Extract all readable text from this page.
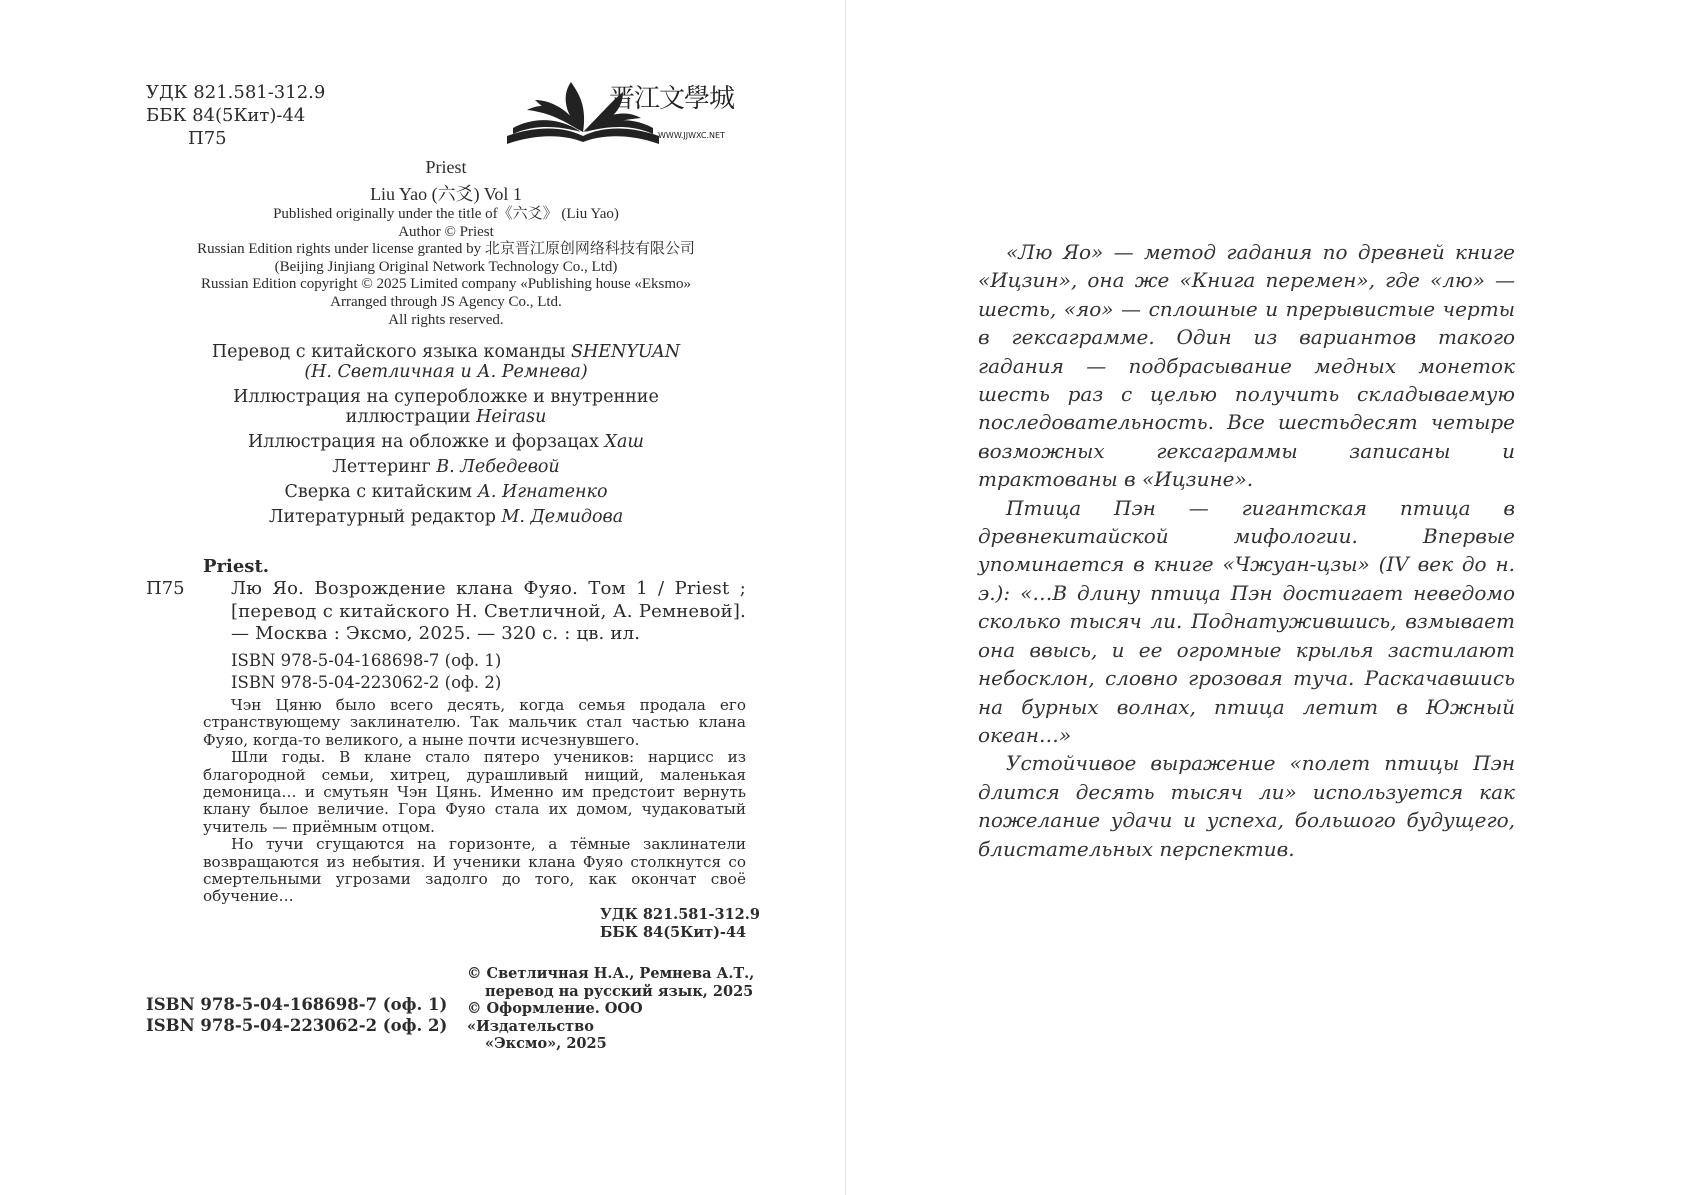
УДК 821.581-312.9
ББК 84(5Кит)-44
П75
晋江文學城
WWW.JJWXC.NET
Priest
Liu Yao (六爻) Vol 1
Published originally under the title of《六爻》 (Liu Yao)
Author © Priest
Russian Edition rights under license granted by 北京晋江原创网络科技有限公司
(Beijing Jinjiang Original Network Technology Co., Ltd)
Russian Edition copyright © 2025 Limited company «Publishing house «Eksmo»
Arranged through JS Agency Co., Ltd.
All rights reserved.
Перевод с китайского языка команды SHENYUAN
(Н. Светличная и А. Ремнева)
Иллюстрация на суперобложке и внутренние
иллюстрации Heirasu
Иллюстрация на обложке и форзацах Хаш
Леттеринг В. Лебедевой
Сверка с китайским А. Игнатенко
Литературный редактор М. Демидова
Priest.
П75	Лю Яо. Возрождение клана Фуяо. Том 1 / Priest ; [перевод с китайского Н. Светличной, А. Ремневой]. — Москва : Эксмо, 2025. — 320 с. : цв. ил.
ISBN 978-5-04-168698-7 (оф. 1)
ISBN 978-5-04-223062-2 (оф. 2)

Чэн Цяню было всего десять, когда семья продала его странствующему заклинателю. Так мальчик стал частью клана Фуяо, когда-то великого, а ныне почти исчезнувшего.

Шли годы. В клане стало пятеро учеников: нарцисс из благородной семьи, хитрец, дурашливый нищий, маленькая демоница… и смутьян Чэн Цянь. Именно им предстоит вернуть клану былое величие. Гора Фуяо стала их домом, чудаковатый учитель — приёмным отцом.

Но тучи сгущаются на горизонте, а тёмные заклинатели возвращаются из небытия. И ученики клана Фуяо столкнутся со смертельными угрозами задолго до того, как окончат своё обучение…

УДК 821.581-312.9
ББК 84(5Кит)-44
© Светличная Н.А., Ремнева А.Т.,
перевод на русский язык, 2025
© Оформление. ООО «Издательство
«Эксмо», 2025
ISBN 978-5-04-168698-7 (оф. 1)
ISBN 978-5-04-223062-2 (оф. 2)

«Лю Яо» — метод гадания по древней книге «Ицзин», она же «Книга перемен», где «лю» — шесть, «яо» — сплошные и прерывистые черты в гексаграмме. Один из вариантов такого гадания — подбрасывание медных монеток шесть раз с целью получить складываемую последовательность. Все шестьдесят четыре возможных гексаграммы записаны и трактованы в «Ицзине».

Птица Пэн — гигантская птица в древнекитайской мифологии. Впервые упоминается в книге «Чжуан-цзы» (IV век до н. э.): «…В длину птица Пэн достигает неведомо сколько тысяч ли. Поднатужившись, взмывает она ввысь, и ее огромные крылья застилают небосклон, словно грозовая туча. Раскачавшись на бурных волнах, птица летит в Южный океан…»

Устойчивое выражение «полет птицы Пэн длится десять тысяч ли» используется как пожелание удачи и успеха, большого будущего, блистательных перспектив.
